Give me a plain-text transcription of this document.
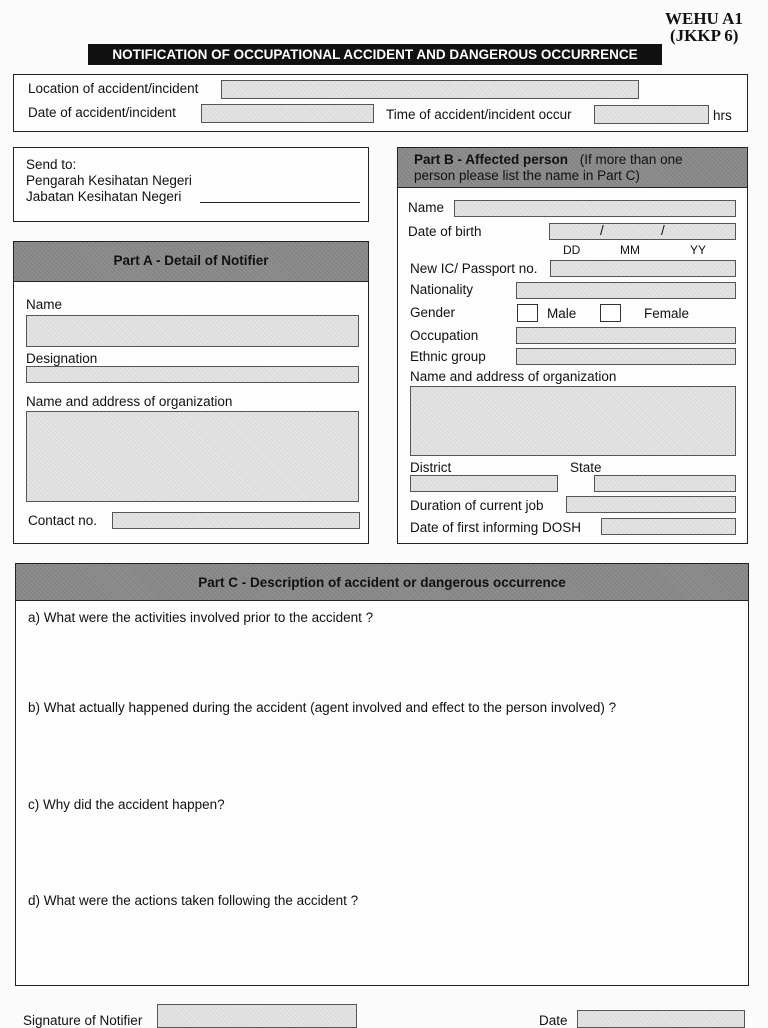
WEHU A1
(JKKP 6)
NOTIFICATION OF OCCUPATIONAL ACCIDENT AND DANGEROUS OCCURRENCE
Location of accident/incident
Date of accident/incident	Time of accident/incident occur	hrs
Send to:
Pengarah Kesihatan Negeri
Jabatan Kesihatan Negeri
Part A - Detail of Notifier
Name
Designation
Name and address of organization
Contact no.
Part B - Affected person (If more than one
person please list the name in Part C)
Name
Date of birth	/	/
DD	MM	YY
New IC/ Passport no.
Nationality
Gender	Male	Female
Occupation
Ethnic group
Name and address of organization
District	State
Duration of current job
Date of first informing DOSH
Part C - Description of accident or dangerous occurrence
a) What were the activities involved prior to the accident ?
b) What actually happened during the accident (agent involved and effect to the person involved) ?
c) Why did the accident happen?
d) What were the actions taken following the accident ?
Signature of Notifier	Date
